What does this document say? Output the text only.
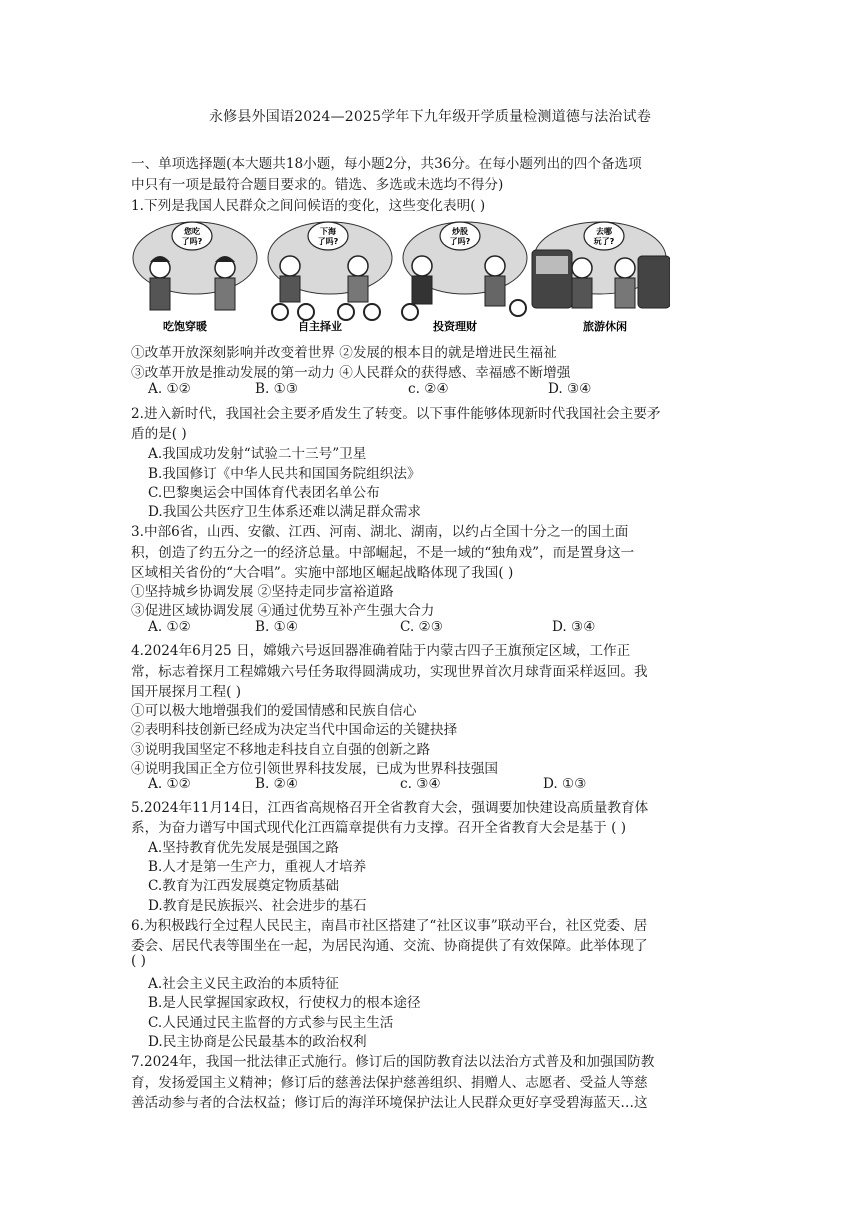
永修县外国语2024—2025学年下九年级开学质量检测道德与法治试卷
一、单项选择题(本大题共18小题，每小题2分，共36分。在每小题列出的四个备选项
中只有一项是最符合题目要求的。错选、多选或未选均不得分)
1.下列是我国人民群众之间问候语的变化，这些变化表明( )
您吃
了吗?
吃饱穿暖
下海
了吗?
自主择业
炒股
了吗?
投资理财
去哪
玩了?
旅游休闲
①改革开放深刻影响并改变着世界 ②发展的根本目的就是增进民生福祉
③改革开放是推动发展的第一动力 ④人民群众的获得感、幸福感不断增强
A. ①②	B. ①③	c. ②④	D. ③④
2.进入新时代，我国社会主要矛盾发生了转变。以下事件能够体现新时代我国社会主要矛
盾的是( )
A.我国成功发射“试验二十三号”卫星
B.我国修订《中华人民共和国国务院组织法》
C.巴黎奥运会中国体育代表团名单公布
D.我国公共医疗卫生体系还难以满足群众需求
3.中部6省，山西、安徽、江西、河南、湖北、湖南，以约占全国十分之一的国土面
积，创造了约五分之一的经济总量。中部崛起，不是一域的“独角戏”，而是置身这一
区域相关省份的“大合唱”。实施中部地区崛起战略体现了我国( )
①坚持城乡协调发展 ②坚持走同步富裕道路
③促进区域协调发展 ④通过优势互补产生强大合力
A. ①②	B. ①④	C. ②③	D. ③④
4.2024年6月25 日，嫦娥六号返回器准确着陆于内蒙古四子王旗预定区域，工作正
常，标志着探月工程嫦娥六号任务取得圆满成功，实现世界首次月球背面采样返回。我
国开展探月工程( )
①可以极大地增强我们的爱国情感和民族自信心
②表明科技创新已经成为决定当代中国命运的关键抉择
③说明我国坚定不移地走科技自立自强的创新之路
④说明我国正全方位引领世界科技发展，已成为世界科技强国
A. ①②	B. ②④	c. ③④	D. ①③
5.2024年11月14日，江西省高规格召开全省教育大会，强调要加快建设高质量教育体
系，为奋力谱写中国式现代化江西篇章提供有力支撑。召开全省教育大会是基于 ( )
A.坚持教育优先发展是强国之路
B.人才是第一生产力，重视人才培养
C.教育为江西发展奠定物质基础
D.教育是民族振兴、社会进步的基石
6.为积极践行全过程人民民主，南昌市社区搭建了“社区议事”联动平台，社区党委、居
委会、居民代表等围坐在一起，为居民沟通、交流、协商提供了有效保障。此举体现了
( )
A.社会主义民主政治的本质特征
B.是人民掌握国家政权，行使权力的根本途径
C.人民通过民主监督的方式参与民主生活
D.民主协商是公民最基本的政治权利
7.2024年，我国一批法律正式施行。修订后的国防教育法以法治方式普及和加强国防教
育，发扬爱国主义精神；修订后的慈善法保护慈善组织、捐赠人、志愿者、受益人等慈
善活动参与者的合法权益；修订后的海洋环境保护法让人民群众更好享受碧海蓝天…这
